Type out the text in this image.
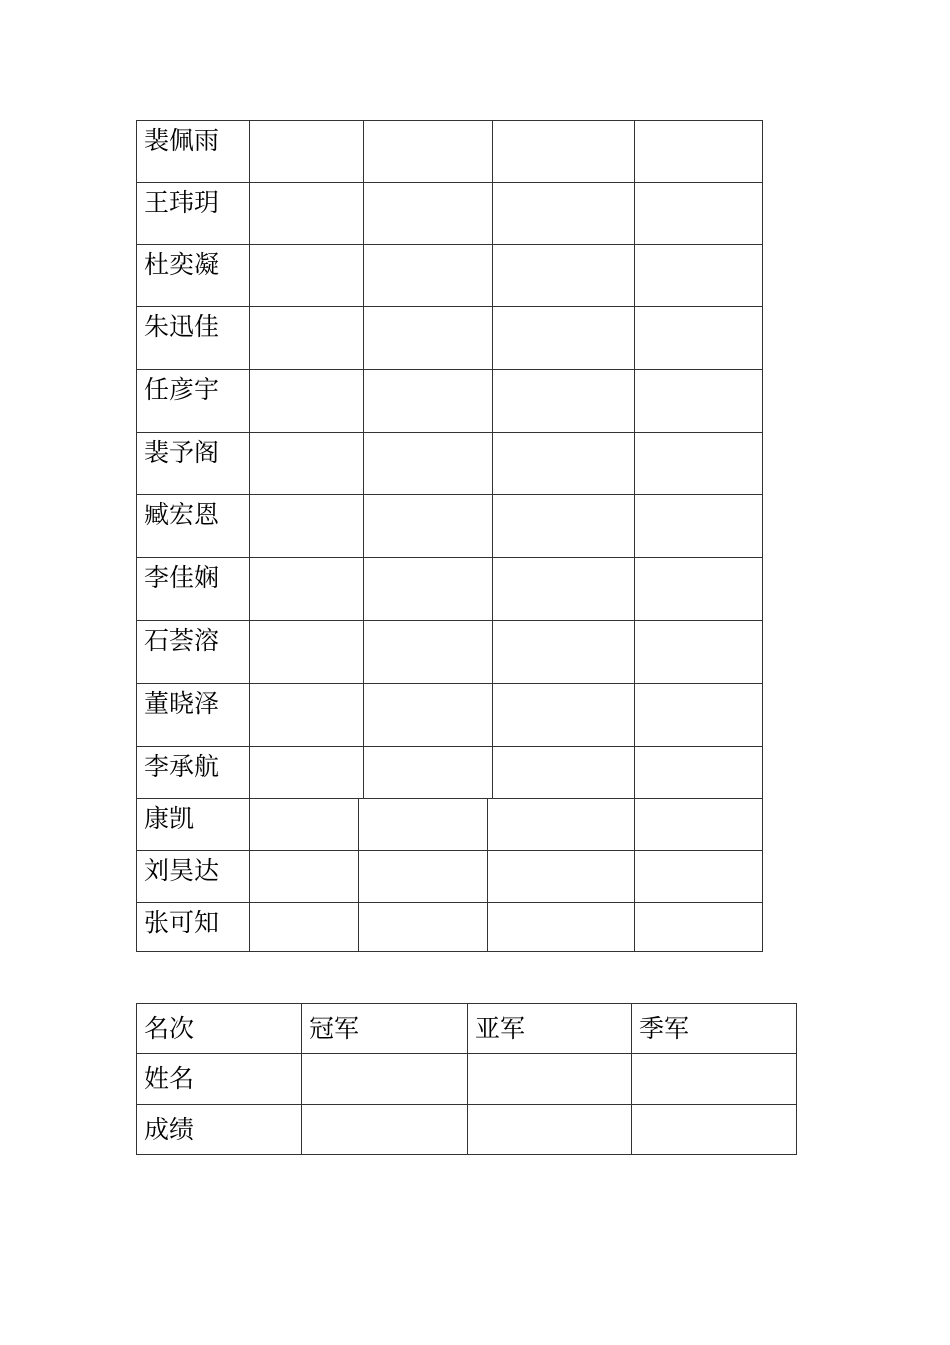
裴佩雨
王玮玥
杜奕凝
朱迅佳
任彦宇
裴予阁
臧宏恩
李佳娴
石荟溶
董晓泽
李承航
康凯
刘昊达
张可知
名次	冠军	亚军	季军
姓名
成绩
